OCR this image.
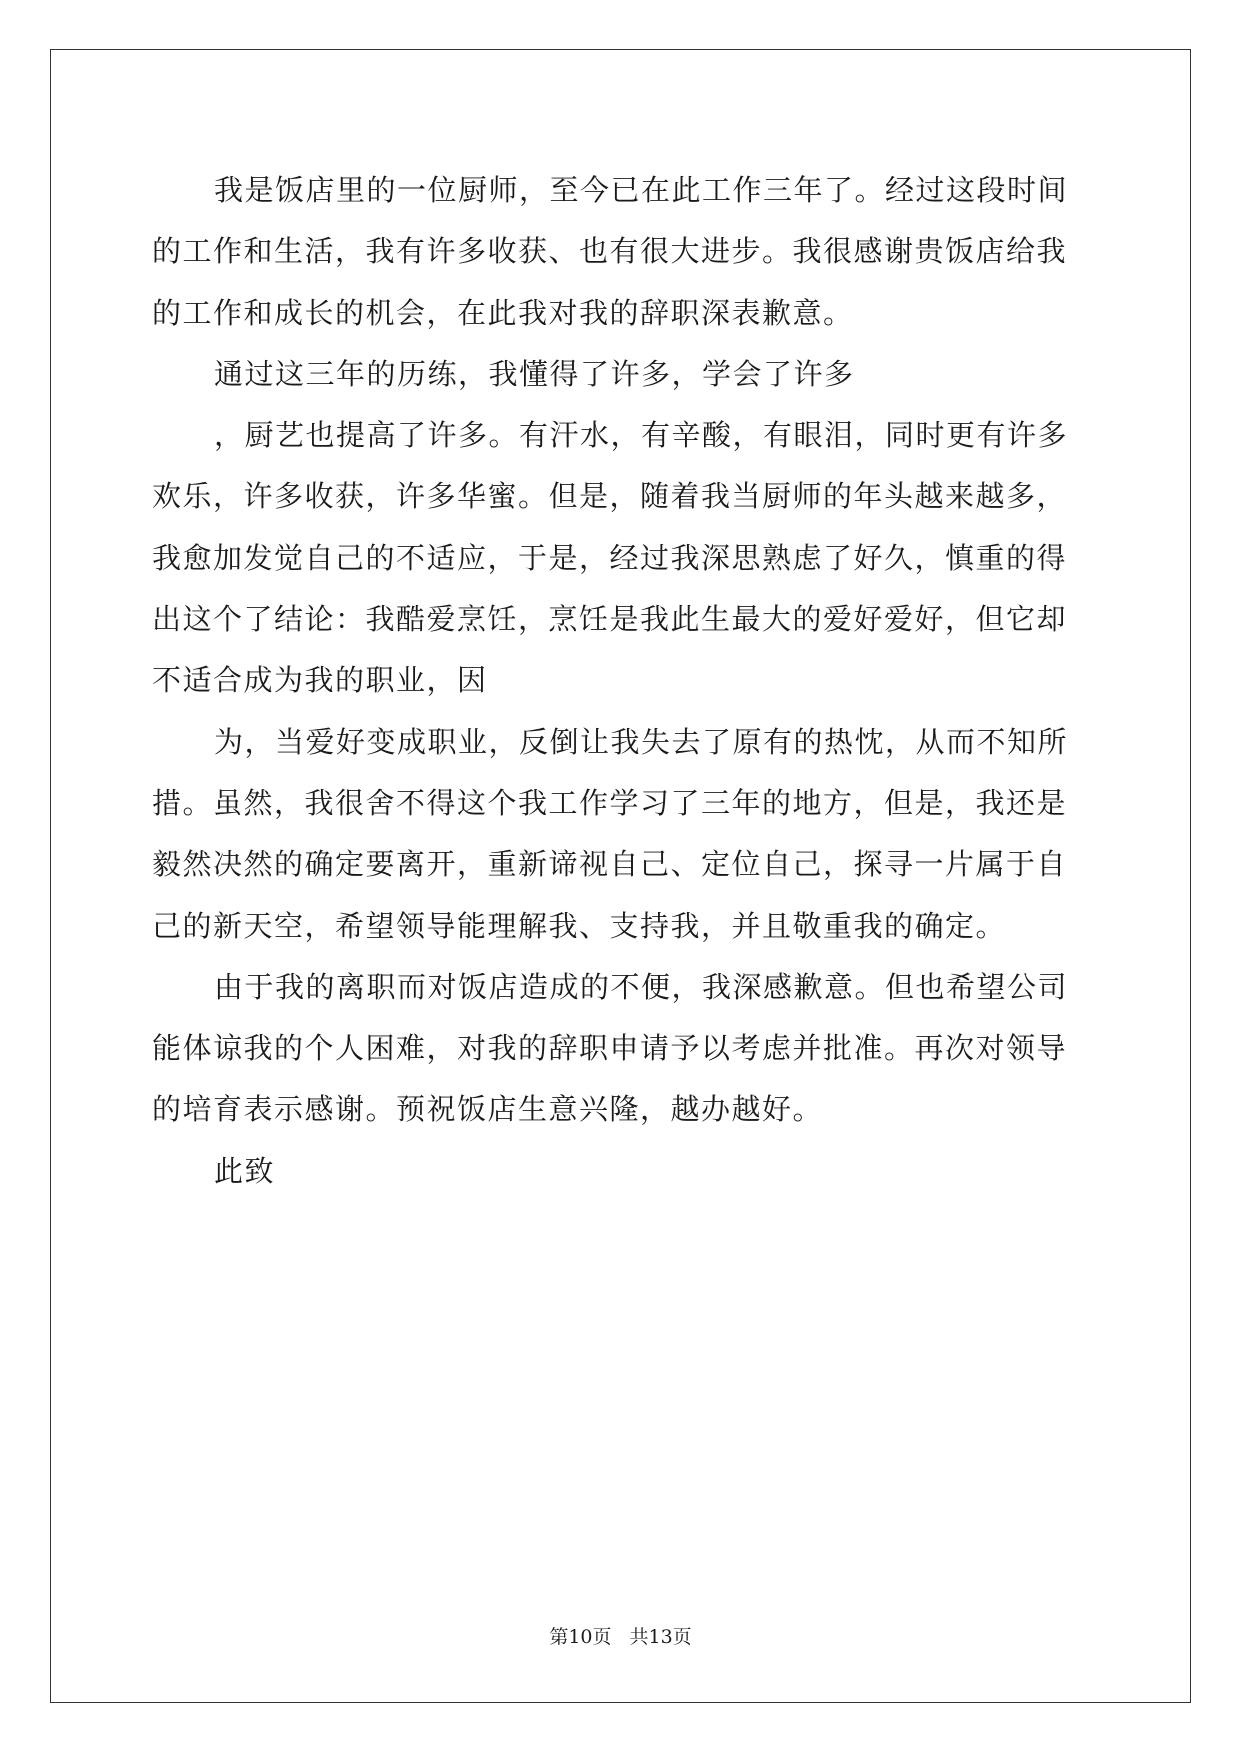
我是饭店里的一位厨师，至今已在此工作三年了。经过这段时间
的工作和生活，我有许多收获、也有很大进步。我很感谢贵饭店给我
的工作和成长的机会，在此我对我的辞职深表歉意。
通过这三年的历练，我懂得了许多，学会了许多
，厨艺也提高了许多。有汗水，有辛酸，有眼泪，同时更有许多
欢乐，许多收获，许多华蜜。但是，随着我当厨师的年头越来越多，
我愈加发觉自己的不适应，于是，经过我深思熟虑了好久，慎重的得
出这个了结论：我酷爱烹饪，烹饪是我此生最大的爱好爱好，但它却
不适合成为我的职业，因
为，当爱好变成职业，反倒让我失去了原有的热忱，从而不知所
措。虽然，我很舍不得这个我工作学习了三年的地方，但是，我还是
毅然决然的确定要离开，重新谛视自己、定位自己，探寻一片属于自
己的新天空，希望领导能理解我、支持我，并且敬重我的确定。
由于我的离职而对饭店造成的不便，我深感歉意。但也希望公司
能体谅我的个人困难，对我的辞职申请予以考虑并批准。再次对领导
的培育表示感谢。预祝饭店生意兴隆，越办越好。
此致
第10页 共13页
